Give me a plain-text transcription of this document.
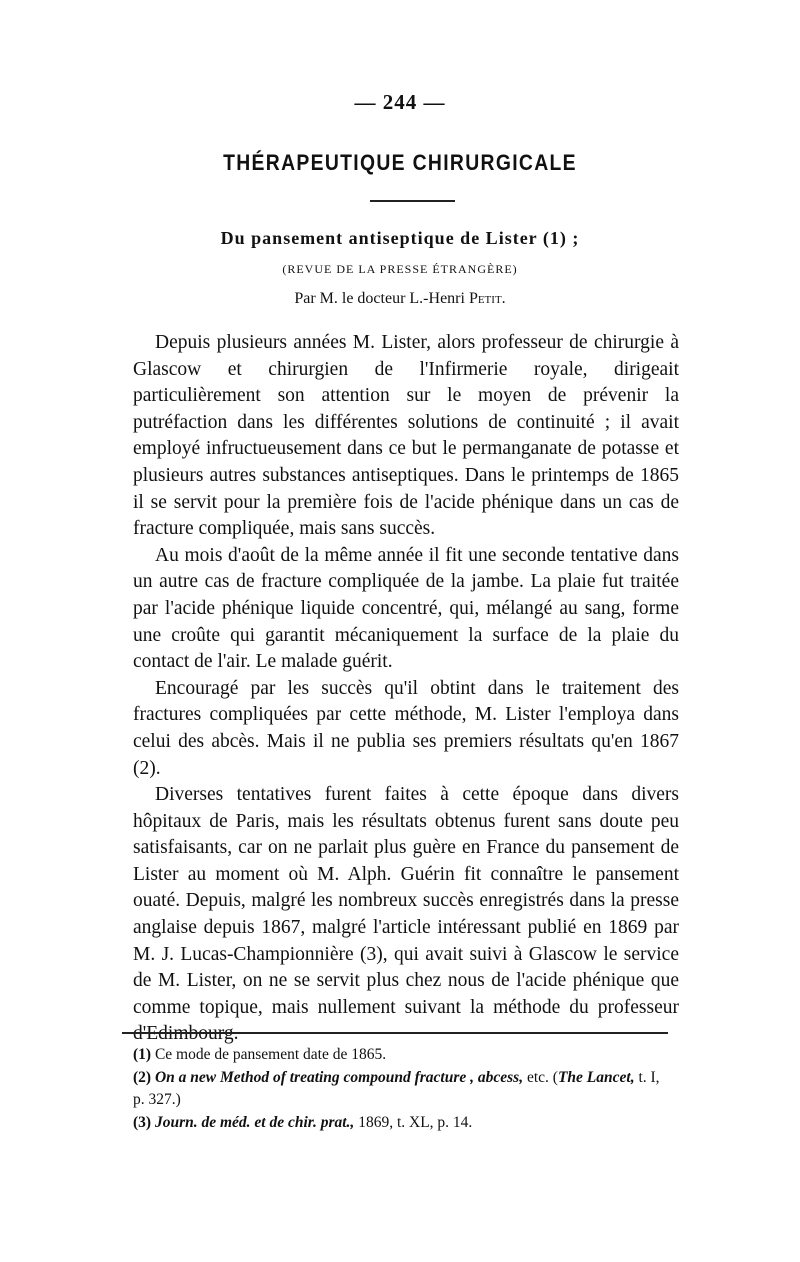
— 244 —
THÉRAPEUTIQUE CHIRURGICALE
Du pansement antiseptique de Lister (1) ;
(REVUE DE LA PRESSE ÉTRANGÈRE)
Par M. le docteur L.-Henri Petit.

Depuis plusieurs années M. Lister, alors professeur de chirurgie à Glascow et chirurgien de l'Infirmerie royale, dirigeait particulièrement son attention sur le moyen de prévenir la putréfaction dans les différentes solutions de continuité ; il avait employé infructueusement dans ce but le permanganate de potasse et plusieurs autres substances antiseptiques. Dans le printemps de 1865 il se servit pour la première fois de l'acide phénique dans un cas de fracture compliquée, mais sans succès.

Au mois d'août de la même année il fit une seconde tentative dans un autre cas de fracture compliquée de la jambe. La plaie fut traitée par l'acide phénique liquide concentré, qui, mélangé au sang, forme une croûte qui garantit mécaniquement la surface de la plaie du contact de l'air. Le malade guérit.

Encouragé par les succès qu'il obtint dans le traitement des fractures compliquées par cette méthode, M. Lister l'employa dans celui des abcès. Mais il ne publia ses premiers résultats qu'en 1867 (2).

Diverses tentatives furent faites à cette époque dans divers hôpitaux de Paris, mais les résultats obtenus furent sans doute peu satisfaisants, car on ne parlait plus guère en France du pansement de Lister au moment où M. Alph. Guérin fit connaître le pansement ouaté. Depuis, malgré les nombreux succès enregistrés dans la presse anglaise depuis 1867, malgré l'article intéressant publié en 1869 par M. J. Lucas-Championnière (3), qui avait suivi à Glascow le service de M. Lister, on ne se servit plus chez nous de l'acide phénique que comme topique, mais nullement suivant la méthode du professeur d'Edimbourg.

(1) Ce mode de pansement date de 1865.
(2) On a new Method of treating compound fracture , abcess, etc. (The Lancet, t. I, p. 327.)
(3) Journ. de méd. et de chir. prat., 1869, t. XL, p. 14.
